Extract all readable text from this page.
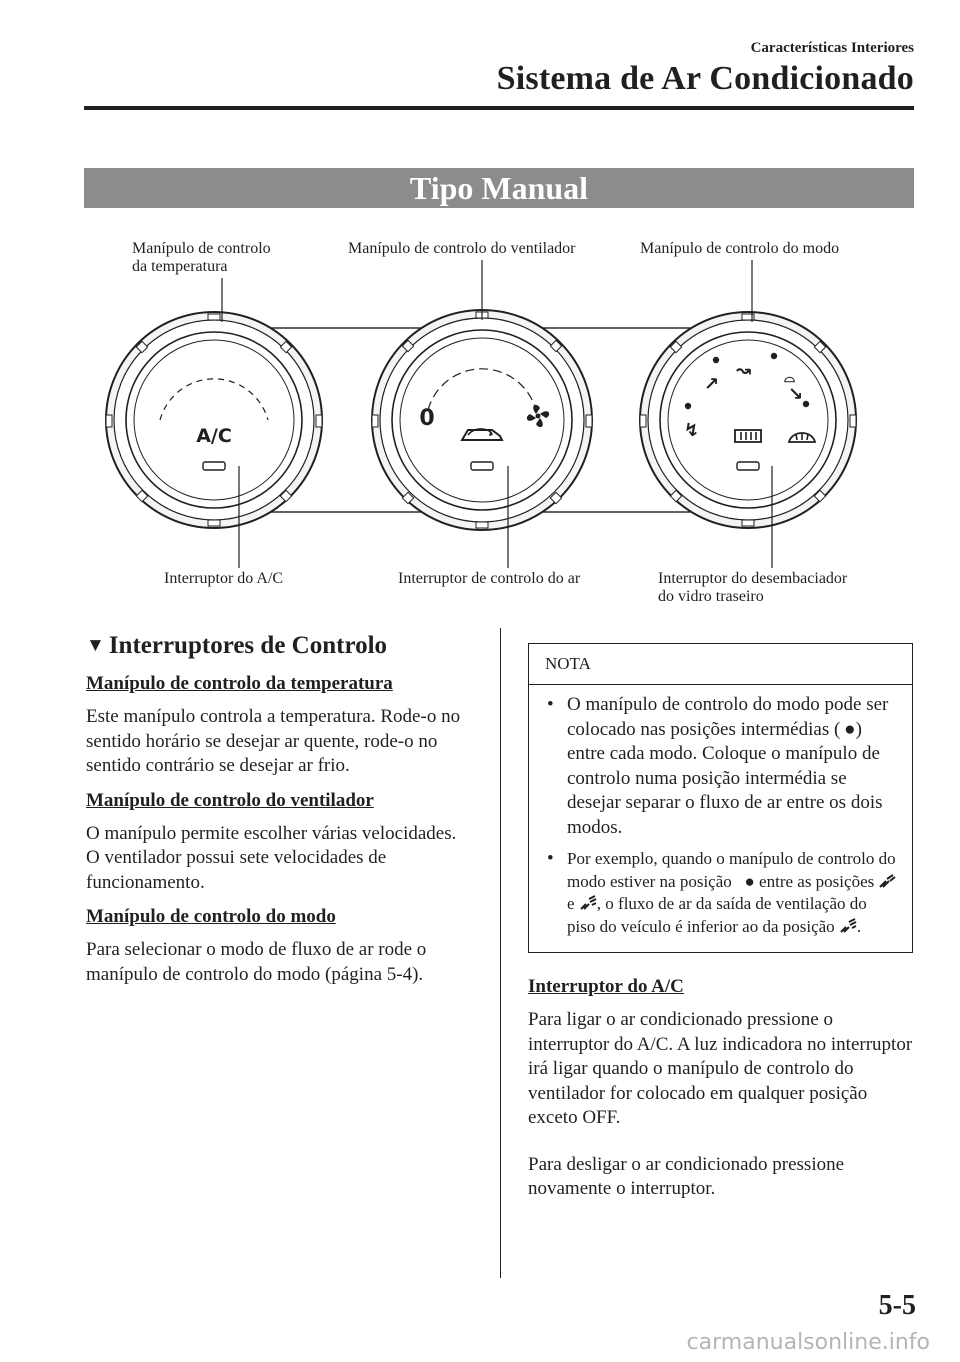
Características Interiores
Sistema de Ar Condicionado
Tipo Manual
A/C
0
↗
↝ ⌓
↘
↯
Manípulo de controlo
da temperatura
Manípulo de controlo do ventilador	Manípulo de controlo do modo
Interruptor do A/C	Interruptor de controlo do ar	Interruptor do desembaciador
do vidro traseiro
▼ Interruptores de Controlo
Manípulo de controlo da temperatura
Este manípulo controla a temperatura. Rode-o no sentido horário se desejar ar quente, rode-o no sentido contrário se desejar ar frio.
Manípulo de controlo do ventilador
O manípulo permite escolher várias velocidades.
O ventilador possui sete velocidades de funcionamento.
Manípulo de controlo do modo
Para selecionar o modo de fluxo de ar rode o manípulo de controlo do modo (página 5-4).
NOTA
• O manípulo de controlo do modo pode ser colocado nas posições intermédias ( ●) entre cada modo. Coloque o manípulo de controlo numa posição intermédia se desejar separar o fluxo de ar entre os dois modos.
• Por exemplo, quando o manípulo de controlo do modo estiver na posição   ● entre as posições  e , o fluxo de ar da saída de ventilação do piso do veículo é inferior ao da posição .
Interruptor do A/C
Para ligar o ar condicionado pressione o interruptor do A/C. A luz indicadora no interruptor irá ligar quando o manípulo de controlo do ventilador for colocado em qualquer posição exceto OFF.
Para desligar o ar condicionado pressione novamente o interruptor.
5-5
carmanualsonline.info
